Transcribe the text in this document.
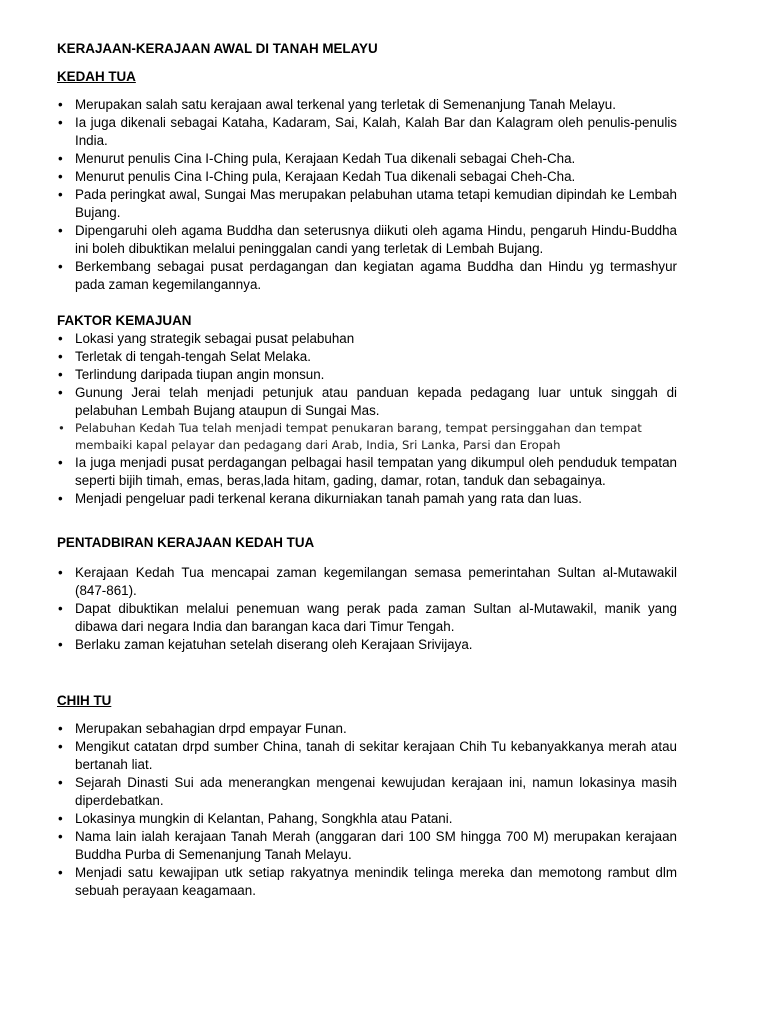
KERAJAAN-KERAJAAN AWAL DI TANAH MELAYU
KEDAH TUA
• Merupakan salah satu kerajaan awal terkenal yang terletak di Semenanjung Tanah Melayu.
• Ia juga dikenali sebagai Kataha, Kadaram, Sai, Kalah, Kalah Bar dan Kalagram oleh penulis-penulis India.
• Menurut penulis Cina I-Ching pula, Kerajaan Kedah Tua dikenali sebagai Cheh-Cha.
• Menurut penulis Cina I-Ching pula, Kerajaan Kedah Tua dikenali sebagai Cheh-Cha.
• Pada peringkat awal, Sungai Mas merupakan pelabuhan utama tetapi kemudian dipindah ke Lembah Bujang.
• Dipengaruhi oleh agama Buddha dan seterusnya diikuti oleh agama Hindu, pengaruh Hindu-Buddha ini boleh dibuktikan melalui peninggalan candi yang terletak di Lembah Bujang.
• Berkembang sebagai pusat perdagangan dan kegiatan agama Buddha dan Hindu yg termashyur pada zaman kegemilangannya.
FAKTOR KEMAJUAN
• Lokasi yang strategik sebagai pusat pelabuhan
• Terletak di tengah-tengah Selat Melaka.
• Terlindung daripada tiupan angin monsun.
• Gunung Jerai telah menjadi petunjuk atau panduan kepada pedagang luar untuk singgah di pelabuhan Lembah Bujang ataupun di Sungai Mas.
• Pelabuhan Kedah Tua telah menjadi tempat penukaran barang, tempat persinggahan dan tempat membaiki kapal pelayar dan pedagang dari Arab, India, Sri Lanka, Parsi dan Eropah
• Ia juga menjadi pusat perdagangan pelbagai hasil tempatan yang dikumpul oleh penduduk tempatan seperti bijih timah, emas, beras,lada hitam, gading, damar, rotan, tanduk dan sebagainya.
• Menjadi pengeluar padi terkenal kerana dikurniakan tanah pamah yang rata dan luas.
PENTADBIRAN KERAJAAN KEDAH TUA
• Kerajaan Kedah Tua mencapai zaman kegemilangan semasa pemerintahan Sultan al-Mutawakil (847-861).
• Dapat dibuktikan melalui penemuan wang perak pada zaman Sultan al-Mutawakil, manik yang dibawa dari negara India dan barangan kaca dari Timur Tengah.
• Berlaku zaman kejatuhan setelah diserang oleh Kerajaan Srivijaya.
CHIH TU
• Merupakan sebahagian drpd empayar Funan.
• Mengikut catatan drpd sumber China, tanah di sekitar kerajaan Chih Tu kebanyakkanya merah atau bertanah liat.
• Sejarah Dinasti Sui ada menerangkan mengenai kewujudan kerajaan ini, namun lokasinya masih diperdebatkan.
• Lokasinya mungkin di Kelantan, Pahang, Songkhla atau Patani.
• Nama lain ialah kerajaan Tanah Merah (anggaran dari 100 SM hingga 700 M) merupakan kerajaan Buddha Purba di Semenanjung Tanah Melayu.
• Menjadi satu kewajipan utk setiap rakyatnya menindik telinga mereka dan memotong rambut dlm sebuah perayaan keagamaan.
